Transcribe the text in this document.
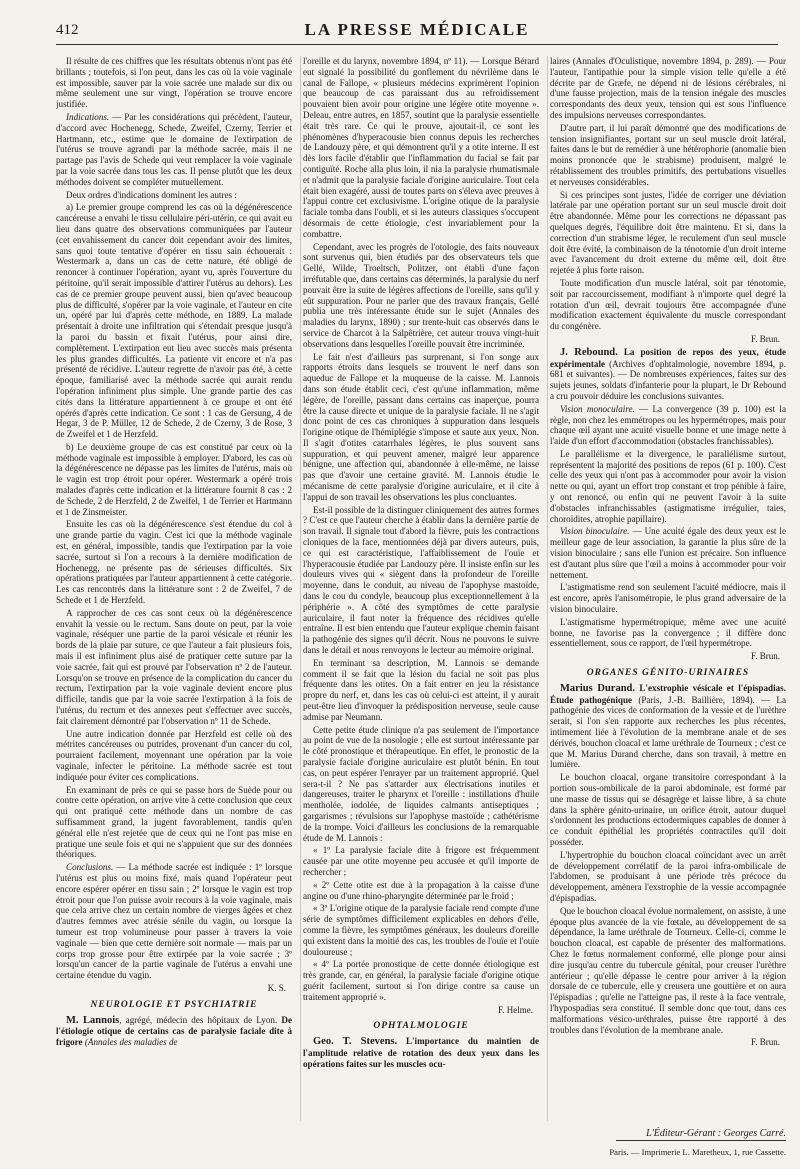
412	LA PRESSE MÉDICALE

Il résulte de ces chiffres que les résultats obtenus n'ont pas été brillants ; toutefois, si l'on peut, dans les cas où la voie vaginale est impossible, sauver par la voie sacrée une malade sur dix ou même seulement une sur vingt, l'opération se trouve encore justifiée.

Indications. — Par les considérations qui précèdent, l'auteur, d'accord avec Hochenegg, Schede, Zweifel, Czerny, Terrier et Hartmann, etc., estime que le domaine de l'extirpation de l'utérus se trouve agrandi par la méthode sacrée, mais il ne partage pas l'avis de Schede qui veut remplacer la voie vaginale par la voie sacrée dans tous les cas. Il pense plutôt que les deux méthodes doivent se compléter mutuellement.

Deux ordres d'indications dominent les autres :

a) Le premier groupe comprend les cas où la dégénérescence cancéreuse a envahi le tissu cellulaire péri-utérin, ce qui avait eu lieu dans quatre des observations communiquées par l'auteur (cet envahissement du cancer doit cependant avoir des limites, sans quoi toute tentative d'opérer en tissu sain échouerait : Westermark a, dans un cas de cette nature, été obligé de renoncer à continuer l'opération, ayant vu, après l'ouverture du péritoine, qu'il serait impossible d'attirer l'utérus au dehors). Les cas de ce premier groupe peuvent aussi, bien qu'avec beaucoup plus de difficulté, s'opérer par la voie vaginale, et l'auteur en cite un, opéré par lui d'après cette méthode, en 1889. La malade présentait à droite une infiltration qui s'étendait presque jusqu'à la paroi du bassin et fixait l'utérus, pour ainsi dire, complètement. L'extirpation eut lieu avec succès mais présenta les plus grandes difficultés. La patiente vit encore et n'a pas présenté de récidive. L'auteur regrette de n'avoir pas été, à cette époque, familiarisé avec la méthode sacrée qui aurait rendu l'opération infiniment plus simple. Une grande partie des cas cités dans la littérature appartiennent à ce groupe et ont été opérés d'après cette indication. Ce sont : 1 cas de Gersung, 4 de Hegar, 3 de P. Müller, 12 de Schede, 2 de Czerny, 3 de Rose, 3 de Zweifel et 1 de Herzfeld.

b) Le deuxième groupe de cas est constitué par ceux où la méthode vaginale est impossible à employer. D'abord, les cas où la dégénérescence ne dépasse pas les limites de l'utérus, mais où le vagin est trop étroit pour opérer. Westermark a opéré trois malades d'après cette indication et la littérature fournit 8 cas : 2 de Schede, 2 de Herzfeld, 2 de Zweifel, 1 de Terrier et Hartmann et 1 de Zinsmeister.

Ensuite les cas où la dégénérescence s'est étendue du col à une grande partie du vagin. C'est ici que la méthode vaginale est, en général, impossible, tandis que l'extirpation par la voie sacrée, surtout si l'on a recours à la dernière modification de Hochenegg, ne présente pas de sérieuses difficultés. Six opérations pratiquées par l'auteur appartiennent à cette catégorie. Les cas rencontrés dans la littérature sont : 2 de Zweifel, 7 de Schede et 1 de Herzfeld.

A rapprocher de ces cas sont ceux où la dégénérescence envahit la vessie ou le rectum. Sans doute on peut, par la voie vaginale, réséquer une partie de la paroi vésicale et réunir les bords de la plaie par suture, ce que l'auteur a fait plusieurs fois, mais il est infiniment plus aisé de pratiquer cette suture par la voie sacrée, fait qui est prouvé par l'observation nº 2 de l'auteur. Lorsqu'on se trouve en présence de la complication du cancer du rectum, l'extirpation par la voie vaginale devient encore plus difficile, tandis que par la voie sacrée l'extirpation à la fois de l'utérus, du rectum et des annexes peut s'effectuer avec succès, fait clairement démontré par l'observation nº 11 de Schede.

Une autre indication donnée par Herzfeld est celle où des métrites cancéreuses ou putrides, provenant d'un cancer du col, pourraient facilement, moyennant une opération par la voie vaginale, infecter le péritoine. La méthode sacrée est tout indiquée pour éviter ces complications.

En examinant de près ce qui se passe hors de Suède pour ou contre cette opération, on arrive vite à cette conclusion que ceux qui ont pratiqué cette méthode dans un nombre de cas suffisamment grand, la jugent favorablement, tandis qu'en général elle n'est rejetée que de ceux qui ne l'ont pas mise en pratique une seule fois et qui ne s'appuient que sur des données théoriques.

Conclusions. — La méthode sacrée est indiquée : 1º lorsque l'utérus est plus ou moins fixé, mais quand l'opérateur peut encore espérer opérer en tissu sain ; 2º lorsque le vagin est trop étroit pour que l'on puisse avoir recours à la voie vaginale, mais que cela arrive chez un certain nombre de vierges âgées et chez d'autres femmes avec atrésie sénile du vagin, ou lorsque la tumeur est trop volumineuse pour passer à travers la voie vaginale — bien que cette dernière soit normale — mais par un corps trop grosse pour être extirpée par la voie sacrée ; 3º lorsqu'un cancer de la partie vaginale de l'utérus a envahi une certaine étendue du vagin.

K. S.
NEUROLOGIE ET PSYCHIATRIE

M. Lannois, agrégé, médecin des hôpitaux de Lyon. De l'étiologie otique de certains cas de paralysie faciale dite à frigore (Annales des maladies de

l'oreille et du larynx, novembre 1894, nº 11). — Lorsque Bérard eut signalé la possibilité du gonflement du névrilème dans le canal de Fallope, « plusieurs médecins exprimèrent l'opinion que beaucoup de cas paraissant dus au refroidissement pouvaient bien avoir pour origine une légère otite moyenne ». Deleau, entre autres, en 1857, soutint que la paralysie essentielle était très rare. Ce qui le prouve, ajoutait-il, ce sont les phénomènes d'hyperacousie bien connus depuis les recherches de Landouzy père, et qui démontrent qu'il y a otite interne. Il est dès lors facile d'établir que l'inflammation du facial se fait par contiguïté. Roche alla plus loin, il nia la paralysie rhumatismale et n'admit que la paralysie faciale d'origine auriculaire. Tout cela était bien exagéré, aussi de toutes parts on s'éleva avec preuves à l'appui contre cet exclusivisme. L'origine otique de la paralysie faciale tomba dans l'oubli, et si les auteurs classiques s'occupent désormais de cette étiologie, c'est invariablement pour la combattre.

Cependant, avec les progrès de l'otologie, des faits nouveaux sont survenus qui, bien étudiés par des observateurs tels que Gellé, Wilde, Troeltsch, Politzer, ont établi d'une façon irréfutable que, dans certains cas déterminés, la paralysie du nerf pouvait être la suite de légères affections de l'oreille, sans qu'il y eût suppuration. Pour ne parler que des travaux français, Gellé publia une très intéressante étude sur le sujet (Annales des maladies du larynx, 1890) ; sur trente-huit cas observés dans le service de Charcot à la Salpêtrière, cet auteur trouva vingt-huit observations dans lesquelles l'oreille pouvait être incriminée.

Le fait n'est d'ailleurs pas surprenant, si l'on songe aux rapports étroits dans lesquels se trouvent le nerf dans son aqueduc de Fallope et la muqueuse de la caisse. M. Lannois dans son étude établit ceci, c'est qu'une inflammation, même légère, de l'oreille, passant dans certains cas inaperçue, pourra être la cause directe et unique de la paralysie faciale. Il ne s'agit donc point de ces cas chroniques à suppuration dans lesquels l'origine otique de l'hémiplégie s'impose et saute aux yeux. Non. Il s'agit d'otites catarrhales légères, le plus souvent sans suppuration, et qui peuvent amener, malgré leur apparence bénigne, une affection qui, abandonnée à elle-même, ne laisse pas que d'avoir une certaine gravité. M. Lannois étudie le mécanisme de cette paralysie d'origine auriculaire, et il cite à l'appui de son travail les observations les plus concluantes.

Est-il possible de la distinguer cliniquement des autres formes ? C'est ce que l'auteur cherche à établir dans la dernière partie de son travail. Il signale tout d'abord la fièvre, puis les contractions cloniques de la face, mentionnées déjà par divers auteurs, puis, ce qui est caractéristique, l'affaiblissement de l'ouïe et l'hyperacousie étudiée par Landouzy père. Il insiste enfin sur les douleurs vives qui « siègent dans la profondeur de l'oreille moyenne, dans le conduit, au niveau de l'apophyse mastoïde, dans le cou du condyle, beaucoup plus exceptionnellement à la périphérie ». A côté des symptômes de cette paralysie auriculaire, il faut noter la fréquence des récidives qu'elle entraîne. Il est bien entendu que l'auteur explique chemin faisant la pathogénie des signes qu'il décrit. Nous ne pouvons le suivre dans le détail et nous renvoyons le lecteur au mémoire original.

En terminant sa description, M. Lannois se demande comment il se fait que la lésion du facial ne soit pas plus fréquente dans les otites. On a fait entrer en jeu la résistance propre du nerf, et, dans les cas où celui-ci est atteint, il y aurait peut-être lieu d'invoquer la prédisposition nerveuse, seule cause admise par Neumann.

Cette petite étude clinique n'a pas seulement de l'importance au point de vue de la nosologie ; elle est surtout intéressante par le côté pronostique et thérapeutique. En effet, le pronostic de la paralysie faciale d'origine auriculaire est plutôt bénin. En tout cas, on peut espérer l'enrayer par un traitement approprié. Quel sera-t-il ? Ne pas s'attarder aux électrisations inutiles et dangereuses, traiter le pharynx et l'oreille : instillations d'huile mentholée, iodolée, de liquides calmants antiseptiques ; gargarismes ; révulsions sur l'apophyse mastoïde ; cathétérisme de la trompe. Voici d'ailleurs les conclusions de la remarquable étude de M. Lannois :

« 1º La paralysie faciale dite à frigore est fréquemment causée par une otite moyenne peu accusée et qu'il importe de rechercher ;

« 2º Cette otite est due à la propagation à la caisse d'une angine ou d'une rhino-pharyngite déterminée par le froid ;

« 3º L'origine otique de la paralysie faciale rend compte d'une série de symptômes difficilement explicables en dehors d'elle, comme la fièvre, les symptômes généraux, les douleurs d'oreille qui existent dans la moitié des cas, les troubles de l'ouïe et l'ouïe douloureuse ;

« 4º La portée pronostique de cette donnée étiologique est très grande, car, en général, la paralysie faciale d'origine otique guérit facilement, surtout si l'on dirige contre sa cause un traitement approprié ».

F. Helme.
OPHTALMOLOGIE

Geo. T. Stevens. L'importance du maintien de l'amplitude relative de rotation des deux yeux dans les opérations faites sur les muscles ocu-

laires (Annales d'Oculistique, novembre 1894, p. 289). — Pour l'auteur, l'antipathie pour la simple vision telle qu'elle a été décrite par de Græfe, ne dépend ni de lésions cérébrales, ni d'une fausse projection, mais de la tension inégale des muscles correspondants des deux yeux, tension qui est sous l'influence des impulsions nerveuses correspondantes.

D'autre part, il lui paraît démontré que des modifications de tension insignifiantes, portant sur un seul muscle droit latéral, faites dans le but de remédier à une hétérophorie (anomalie bien moins prononcée que le strabisme) produisent, malgré le rétablissement des troubles primitifs, des pertubations visuelles et nerveuses considérables.

Si ces principes sont justes, l'idée de corriger une déviation latérale par une opération portant sur un seul muscle droit doit être abandonnée. Même pour les corrections ne dépassant pas quelques degrés, l'équilibre doit être maintenu. Et si, dans la correction d'un strabisme léger, le reculement d'un seul muscle doit être évité, la combinaison de la ténotomie d'un droit interne avec l'avancement du droit externe du même œil, doit être rejetée à plus forte raison.

Toute modification d'un muscle latéral, soit par ténotomie, soit par raccourcissement, modifiant à n'importe quel degré la rotation d'un œil, devrait toujours être accompagnée d'une modification exactement équivalente du muscle correspondant du congénère.

F. Brun.

J. Rebound. La position de repos des yeux, étude expérimentale (Archives d'ophtalmologie, novembre 1894, p. 681 et suivantes). — De nombreuses expériences, faites sur des sujets jeunes, soldats d'infanterie pour la plupart, le Dr Rebound a cru pouvoir déduire les conclusions suivantes.

Vision monoculaire. — La convergence (39 p. 100) est la règle, non chez les emmétropes ou les hypermétropes, mais pour chaque œil ayant une acuité visuelle bonne et une image nette à l'aide d'un effort d'accommodation (obstacles franchissables).

Le parallélisme et la divergence, le parallélisme surtout, représentent la majorité des positions de repos (61 p. 100). C'est celle des yeux qui n'ont pas à accommoder pour avoir la vision nette ou qui, ayant un effort trop constant et trop pénible à faire, y ont renoncé, ou enfin qui ne peuvent l'avoir à la suite d'obstacles infranchissables (astigmatisme irrégulier, taies, choroïdites, atrophie papillaire).

Vision binoculaire. — Une acuité égale des deux yeux est le meilleur gage de leur association, la garantie la plus sûre de la vision binoculaire ; sans elle l'union est précaire. Son influence est d'autant plus sûre que l'œil a moins à accommoder pour voir nettement.

L'astigmatisme rend son seulement l'acuité médiocre, mais il est encore, après l'anisométropie, le plus grand adversaire de la vision binoculaire.

L'astigmatisme hypermétropique, même avec une acuité bonne, ne favorise pas la convergence ; il diffère donc essentiellement, sous ce rapport, de l'œil hypermétrope.

F. Brun.
ORGANES GÉNITO-URINAIRES

Marius Durand. L'exstrophie vésicale et l'épispadias. Étude pathogénique (Paris, J.-B. Baillière, 1894). — La pathogénie des vices de conformation de la vessie et de l'urèthre serait, si l'on s'en rapporte aux recherches les plus récentes, intimement liée à l'évolution de la membrane anale et de ses dérivés, bouchon cloacal et lame uréthrale de Tourneux ; c'est ce que M. Marius Durand cherche, dans son travail, à mettre en lumière.

Le bouchon cloacal, organe transitoire correspondant à la portion sous-ombilicale de la paroi abdominale, est formé par une masse de tissus qui se désagrège et laisse libre, à sa chute dans la sphère génito-urinaire, un orifice étroit, autour duquel s'ordonnent les productions ectodermiques capables de donner à ce conduit épithélial les propriétés contractiles qu'il doit posséder.

L'hypertrophie du bouchon cloacal coïncidant avec un arrêt de développement corrélatif de la paroi infra-ombilicale de l'abdomen, se produisant à une période très précoce du développement, amènera l'exstrophie de la vessie accompagnée d'épispadias.

Que le bouchon cloacal évolue normalement, on assiste, à une époque plus avancée de la vie fœtale, au développement de sa dépendance, la lame uréthrale de Tourneux. Celle-ci, comme le bouchon cloacal, est capable de présenter des malformations. Chez le fœtus normalement conformé, elle plonge pour ainsi dire jusqu'au centre du tubercule génital, pour creuser l'urèthre antérieur ; qu'elle dépasse le centre pour arriver à la région dorsale de ce tubercule, elle y creusera une gouttière et on aura l'épispadias ; qu'elle ne l'atteigne pas, il reste à la face ventrale, l'hypospadias sera constitué. Il semble donc que tout, dans ces malformations vésico-uréthrales, puisse être rapporté à des troubles dans l'évolution de la membrane anale.

F. Brun.
L'Éditeur-Gérant : Georges Carré.
Paris. — Imprimerie L. Maretheux, 1, rue Cassette.
